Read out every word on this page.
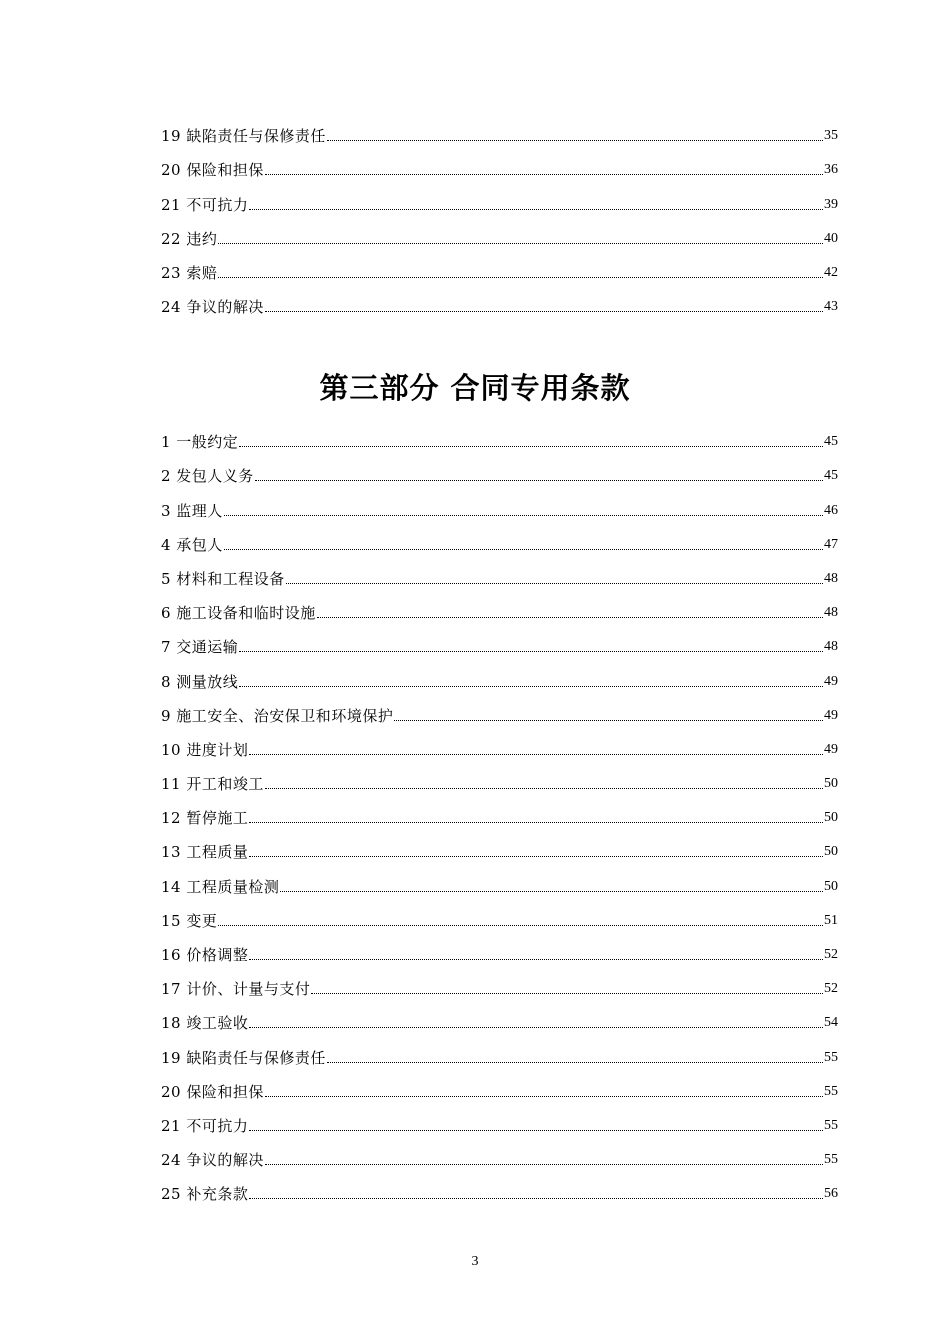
19 缺陷责任与保修责任	35
20 保险和担保	36
21 不可抗力	39
22 违约	40
23 索赔	42
24 争议的解决	43
第三部分 合同专用条款
1 一般约定	45
2 发包人义务	45
3 监理人	46
4 承包人	47
5 材料和工程设备	48
6 施工设备和临时设施	48
7 交通运输	48
8 测量放线	49
9 施工安全、治安保卫和环境保护	49
10 进度计划	49
11 开工和竣工	50
12 暂停施工	50
13 工程质量	50
14 工程质量检测	50
15 变更	51
16 价格调整	52
17 计价、计量与支付	52
18 竣工验收	54
19 缺陷责任与保修责任	55
20 保险和担保	55
21 不可抗力	55
24 争议的解决	55
25 补充条款	56
3
